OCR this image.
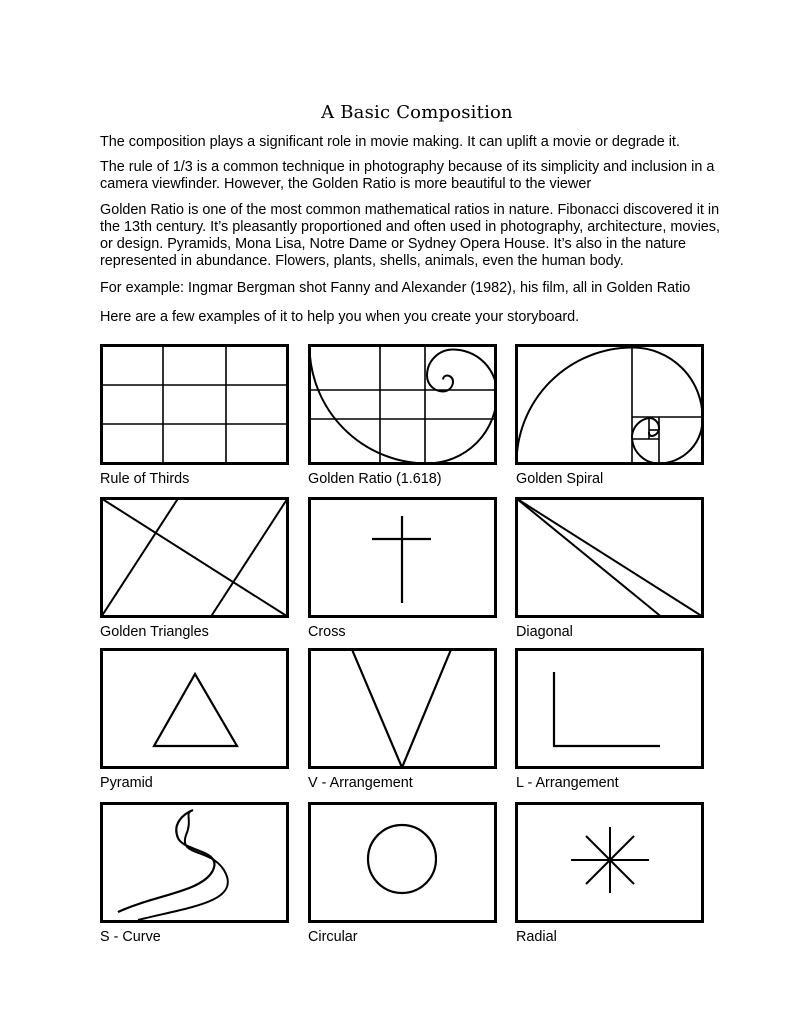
A Basic Composition

The composition plays a significant role in movie making. It can uplift a movie or degrade it.

The rule of 1/3 is a common technique in photography because of its simplicity and inclusion in a camera viewfinder. However, the Golden Ratio is more beautiful to the viewer

Golden Ratio is one of the most common mathematical ratios in nature. Fibonacci discovered it in the 13th century. It’s pleasantly proportioned and often used in photography, architecture, movies, or design. Pyramids, Mona Lisa, Notre Dame or Sydney Opera House. It’s also in the nature represented in abundance. Flowers, plants, shells, animals, even the human body.

For example: Ingmar Bergman shot Fanny and Alexander (1982), his film, all in Golden Ratio

Here are a few examples of it to help you when you create your storyboard.

Rule of Thirds	Golden Ratio (1.618)	Golden Spiral
Golden Triangles	Cross	Diagonal
Pyramid	V - Arrangement	L - Arrangement
S - Curve	Circular	Radial
